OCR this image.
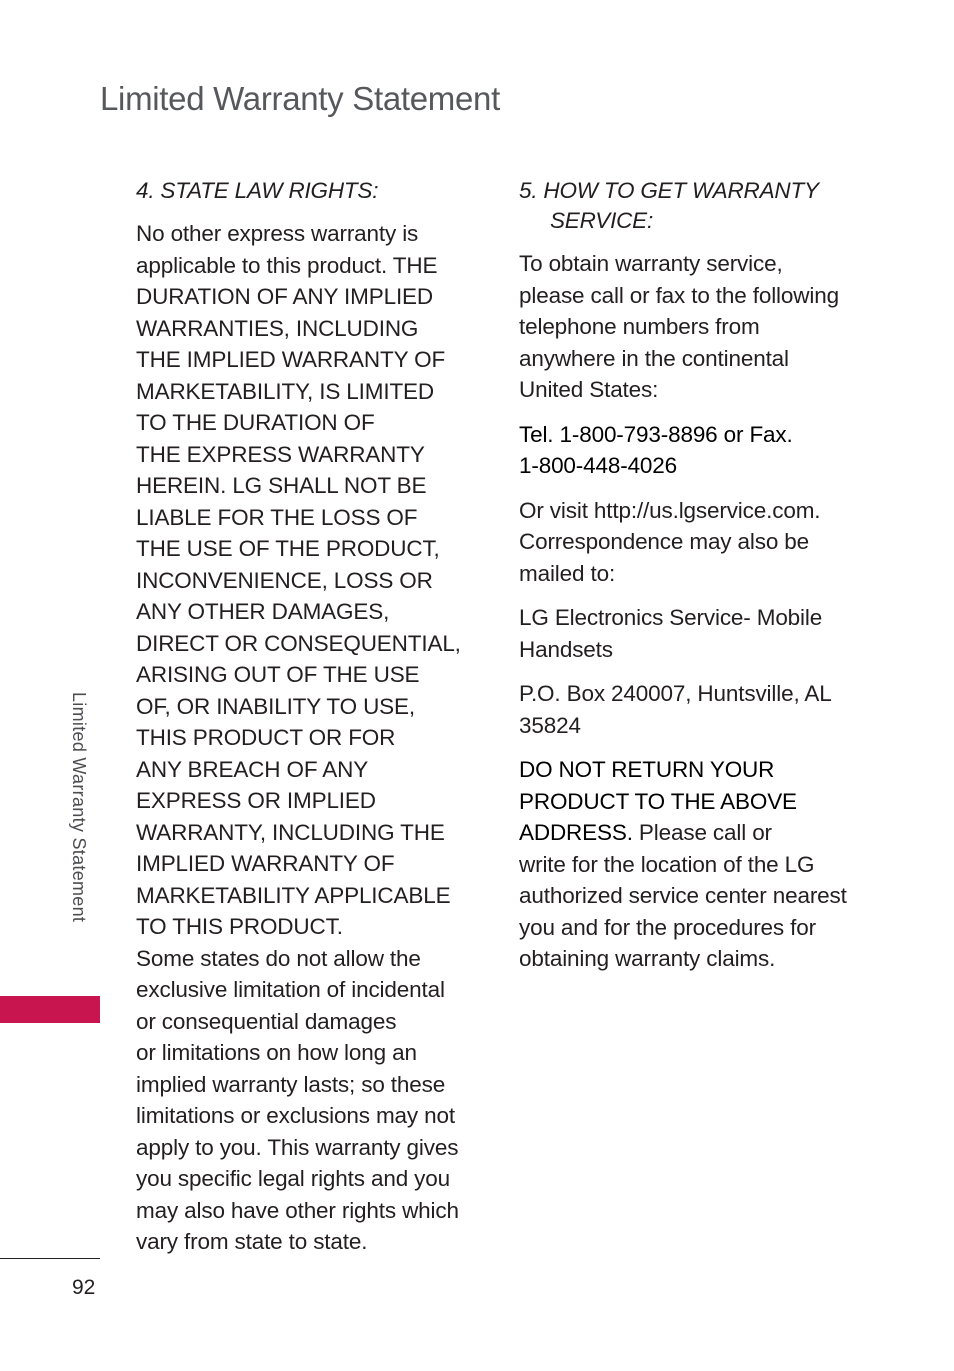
Limited Warranty Statement
4. STATE LAW RIGHTS:
No other express warranty is
applicable to this product. THE
DURATION OF ANY IMPLIED
WARRANTIES, INCLUDING
THE IMPLIED WARRANTY OF
MARKETABILITY, IS LIMITED
TO THE DURATION OF
THE EXPRESS WARRANTY
HEREIN. LG SHALL NOT BE
LIABLE FOR THE LOSS OF
THE USE OF THE PRODUCT,
INCONVENIENCE, LOSS OR
ANY OTHER DAMAGES,
DIRECT OR CONSEQUENTIAL,
ARISING OUT OF THE USE
OF, OR INABILITY TO USE,
THIS PRODUCT OR FOR
ANY BREACH OF ANY
EXPRESS OR IMPLIED
WARRANTY, INCLUDING THE
IMPLIED WARRANTY OF
MARKETABILITY APPLICABLE
TO THIS PRODUCT.
Some states do not allow the
exclusive limitation of incidental
or consequential damages
or limitations on how long an
implied warranty lasts; so these
limitations or exclusions may not
apply to you. This warranty gives
you specific legal rights and you
may also have other rights which
vary from state to state.
5. HOW TO GET WARRANTY
SERVICE:
To obtain warranty service,
please call or fax to the following
telephone numbers from
anywhere in the continental
United States:
Tel. 1-800-793-8896 or Fax.
1-800-448-4026
Or visit http://us.lgservice.com.
Correspondence may also be
mailed to:
LG Electronics Service- Mobile
Handsets
P.O. Box 240007, Huntsville, AL
35824
DO NOT RETURN YOUR
PRODUCT TO THE ABOVE
ADDRESS. Please call or
write for the location of the LG
authorized service center nearest
you and for the procedures for
obtaining warranty claims.
Limited Warranty Statement
92
